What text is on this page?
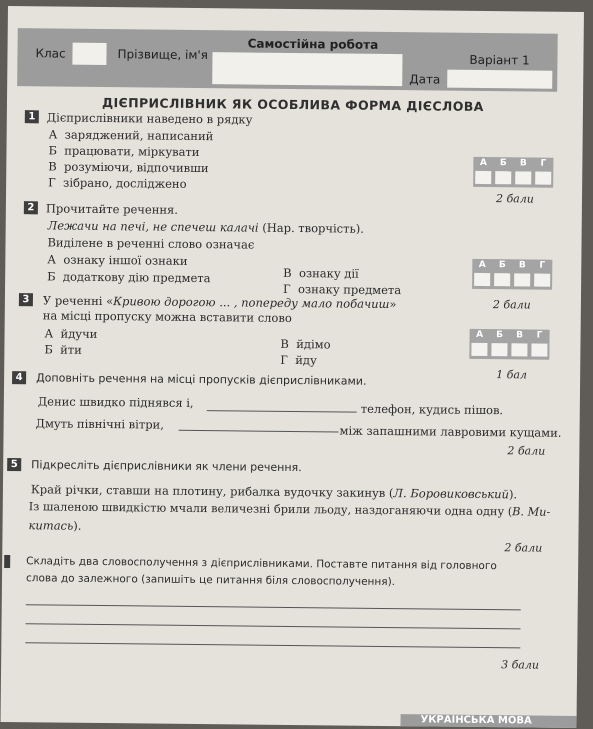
Клас	Прізвище, ім'я
Самостійна робота
Варіант 1
Дата
ДІЄПРИСЛІВНИК ЯК ОСОБЛИВА ФОРМА ДІЄСЛОВА
1 Дієприслівники наведено в рядку
А заряджений, написаний
Б працювати, міркувати
В розуміючи, відпочивши
Г зібрано, досліджено
А	Б	В	Г
2 бали
2 Прочитайте речення.
Лежачи на печі, не спечеш калачі (Нар. творчість).
Виділене в реченні слово означає
А ознаку іншої ознаки
Б додаткову дію предмета	В ознаку дії
Г ознаку предмета
А	Б	В	Г
2 бали
3	У реченні «Кривою дорогою ... , попереду мало побачиш»
на місці пропуску можна вставити слово
А йдучи
Б йти	В йдімо
Г йду
А	Б	В	Г
1 бал
4	Доповніть речення на місці пропусків дієприслівниками.
Денис швидко піднявся і,	телефон, кудись пішов.
Дмуть північні вітри,	між запашними лавровими кущами.
2 бали
5	Підкресліть дієприслівники як члени речення.
Край річки, ставши на плотину, рибалка вудочку закинув (Л. Боровиковський).
Із шаленою швидкістю мчали величезні брили льоду, наздоганяючи одна одну (В. Ми-
китась).
2 бали
Складіть два словосполучення з дієприслівниками. Поставте питання від головного
слова до залежного (запишіть це питання біля словосполучення).
3 бали
УКРАЇНСЬКА МОВА
